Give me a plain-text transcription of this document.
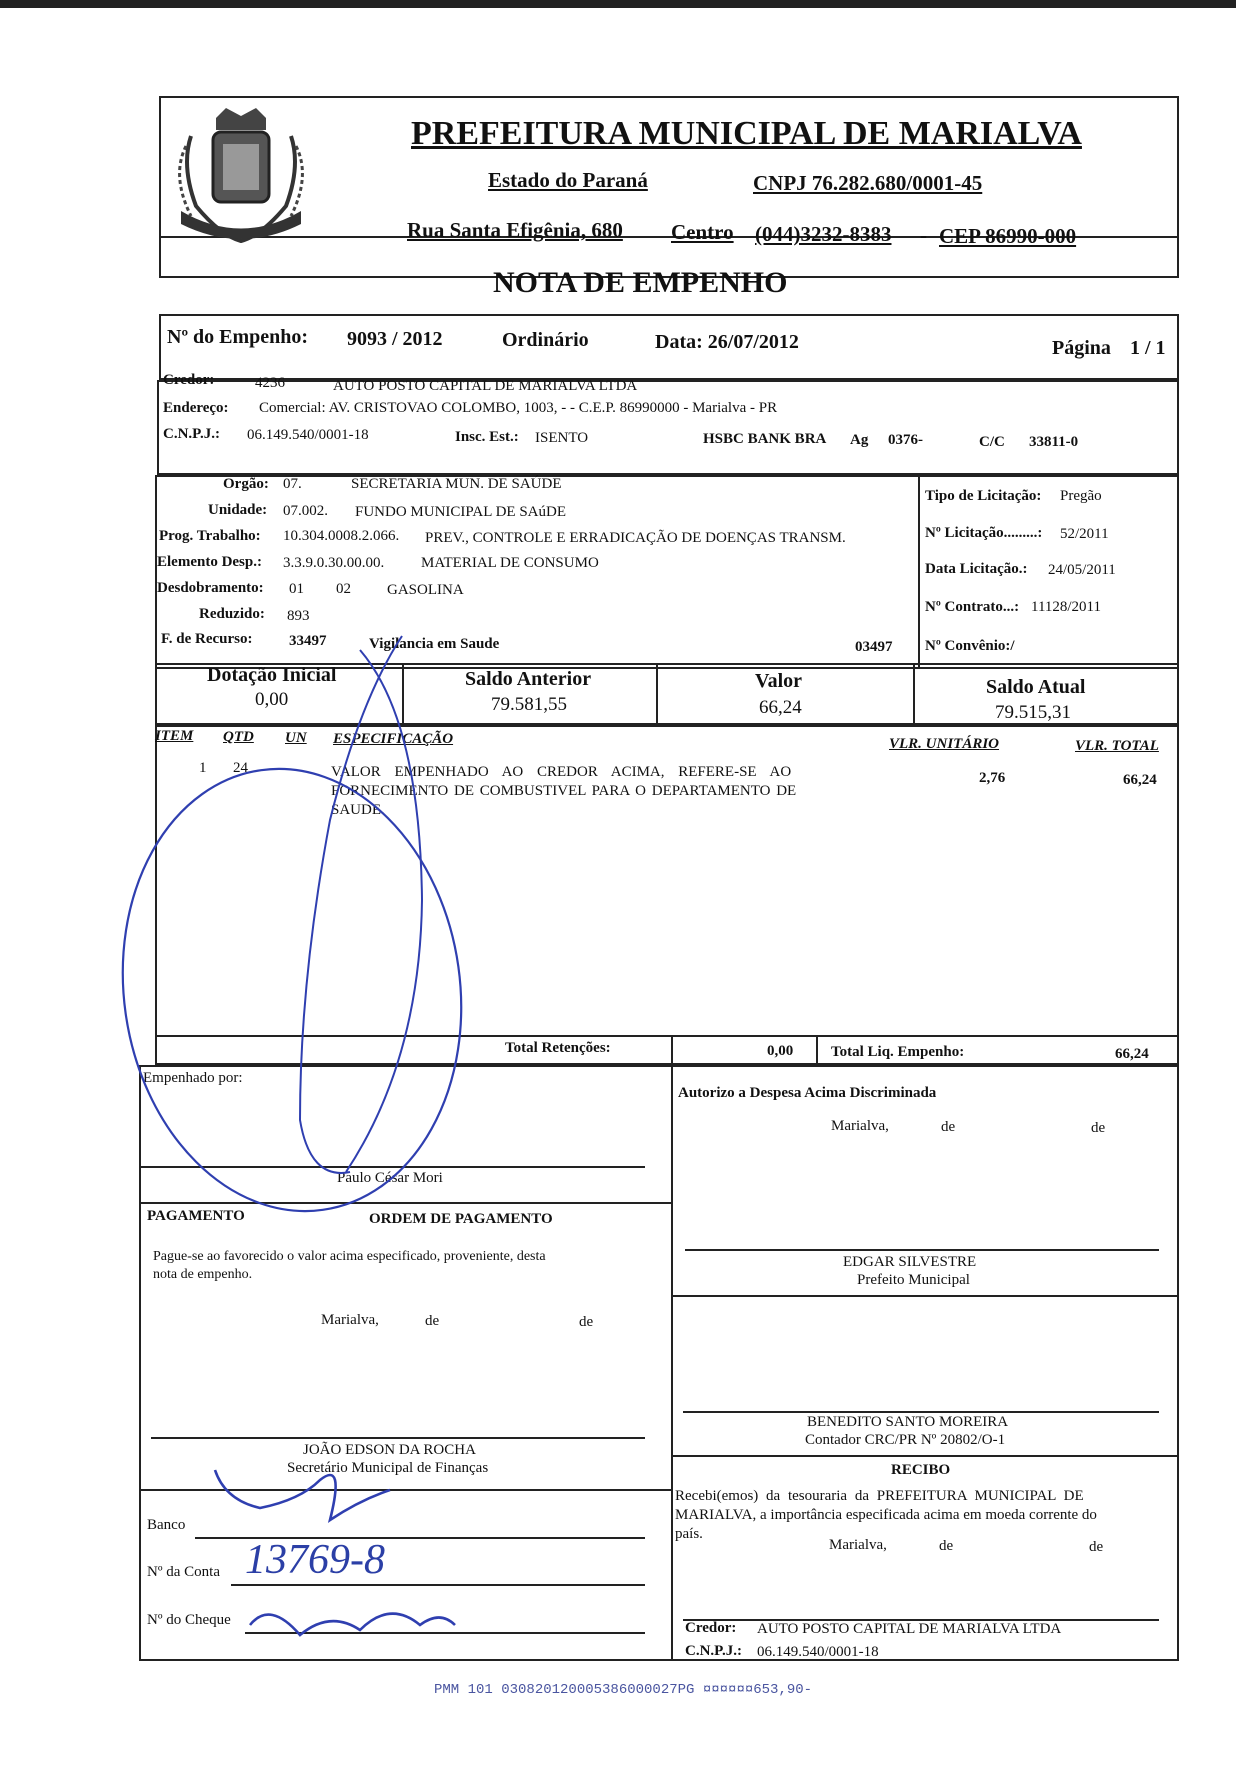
PREFEITURA MUNICIPAL DE MARIALVA
Estado do Paraná	CNPJ 76.282.680/0001-45
Rua Santa Efigênia, 680 Centro (044)3232-8383 - CEP 86990-000
NOTA DE EMPENHO
Nº do Empenho: 9093 / 2012	Ordinário	Data: 26/07/2012	Página 1 / 1
Credor:	4236	AUTO POSTO CAPITAL DE MARIALVA LTDA
Endereço: Comercial: AV. CRISTOVAO COLOMBO, 1003, - - C.E.P. 86990000 - Marialva - PR
C.N.P.J.: 06.149.540/0001-18	Insc. Est.: ISENTO	HSBC BANK BRA Ag 0376-	C/C 33811-0
Orgão: 07.	SECRETARIA MUN. DE SAÚDE
Unidade: 07.002. FUNDO MUNICIPAL DE SAúDE
Prog. Trabalho: 10.304.0008.2.066. PREV., CONTROLE E ERRADICAÇÃO DE DOENÇAS TRANSM.
Elemento Desp.: 3.3.9.0.30.00.00. MATERIAL DE CONSUMO
Desdobramento: 01 02 GASOLINA
Reduzido: 893
F. de Recurso: 33497	Vigilancia em Saude	03497
Tipo de Licitação: Pregão
Nº Licitação.........: 52/2011
Data Licitação.: 24/05/2011
Nº Contrato...: 11128/2011
Nº Convênio:/
Dotação Inicial
0,00
Saldo Anterior
79.581,55
Valor
66,24
Saldo Atual
79.515,31
ITEM QTD UN ESPECIFICAÇÃO	VLR. UNITÁRIO	VLR. TOTAL
1 24	VALOR EMPENHADO AO CREDOR ACIMA, REFERE-SE AO
FORNECIMENTO DE COMBUSTIVEL PARA O DEPARTAMENTO DE
SAUDE.
2,76	66,24
Total Retenções:	0,00	Total Liq. Empenho:	66,24
Empenhado por:
Paulo César Mori
Autorizo a Despesa Acima Discriminada
Marialva,	de	de
EDGAR SILVESTRE
Prefeito Municipal
PAGAMENTO	ORDEM DE PAGAMENTO
Pague-se ao favorecido o valor acima especificado, proveniente, desta
nota de empenho.
Marialva,	de	de
BENEDITO SANTO MOREIRA
Contador CRC/PR Nº 20802/O-1
JOÃO EDSON DA ROCHA
Secretário Municipal de Finanças	RECIBO
Recebi(emos) da tesouraria da PREFEITURA MUNICIPAL DE
MARIALVA, a importância especificada acima em moeda corrente do
país.
Marialva,	de	de
Credor: AUTO POSTO CAPITAL DE MARIALVA LTDA
C.N.P.J.: 06.149.540/0001-18
Banco
Nº da Conta 13769-8
Nº do Cheque
PMM 101 030820120005386000027PG ¤¤¤¤¤¤653,90-
